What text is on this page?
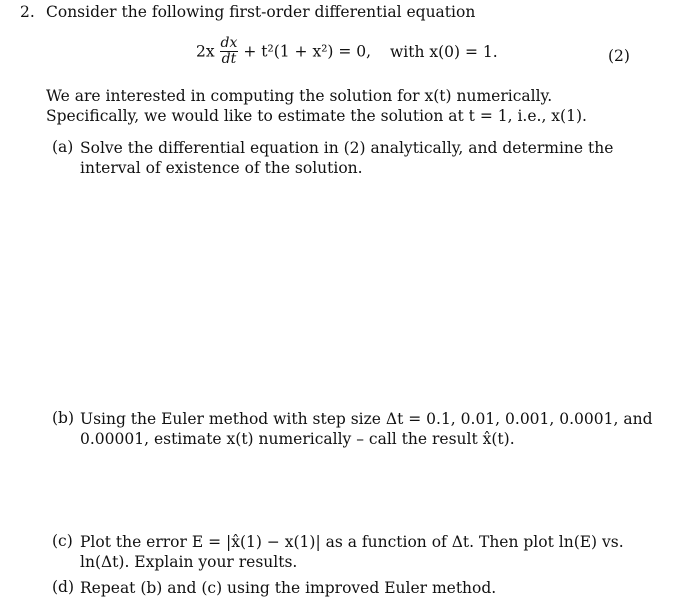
2. Consider the following first-order differential equation
$2x \frac{dx}{dt} + t^2(1 + x^2) = 0$, with x(0) = 1.	(2)
We are interested in computing the solution for x(t) numerically. Specifically, we would like to estimate the solution at t = 1, i.e., x(1).
(a) Solve the differential equation in (2) analytically, and determine the interval of existence of the solution.
(b) Using the Euler method with step size Δt = 0.1, 0.01, 0.001, 0.0001, and 0.00001, estimate x(t) numerically – call the result x̂(t).
(c) Plot the error E = |x̂(1) − x(1)| as a function of Δt. Then plot ln(E) vs. ln(Δt). Explain your results.
(d) Repeat (b) and (c) using the improved Euler method.
